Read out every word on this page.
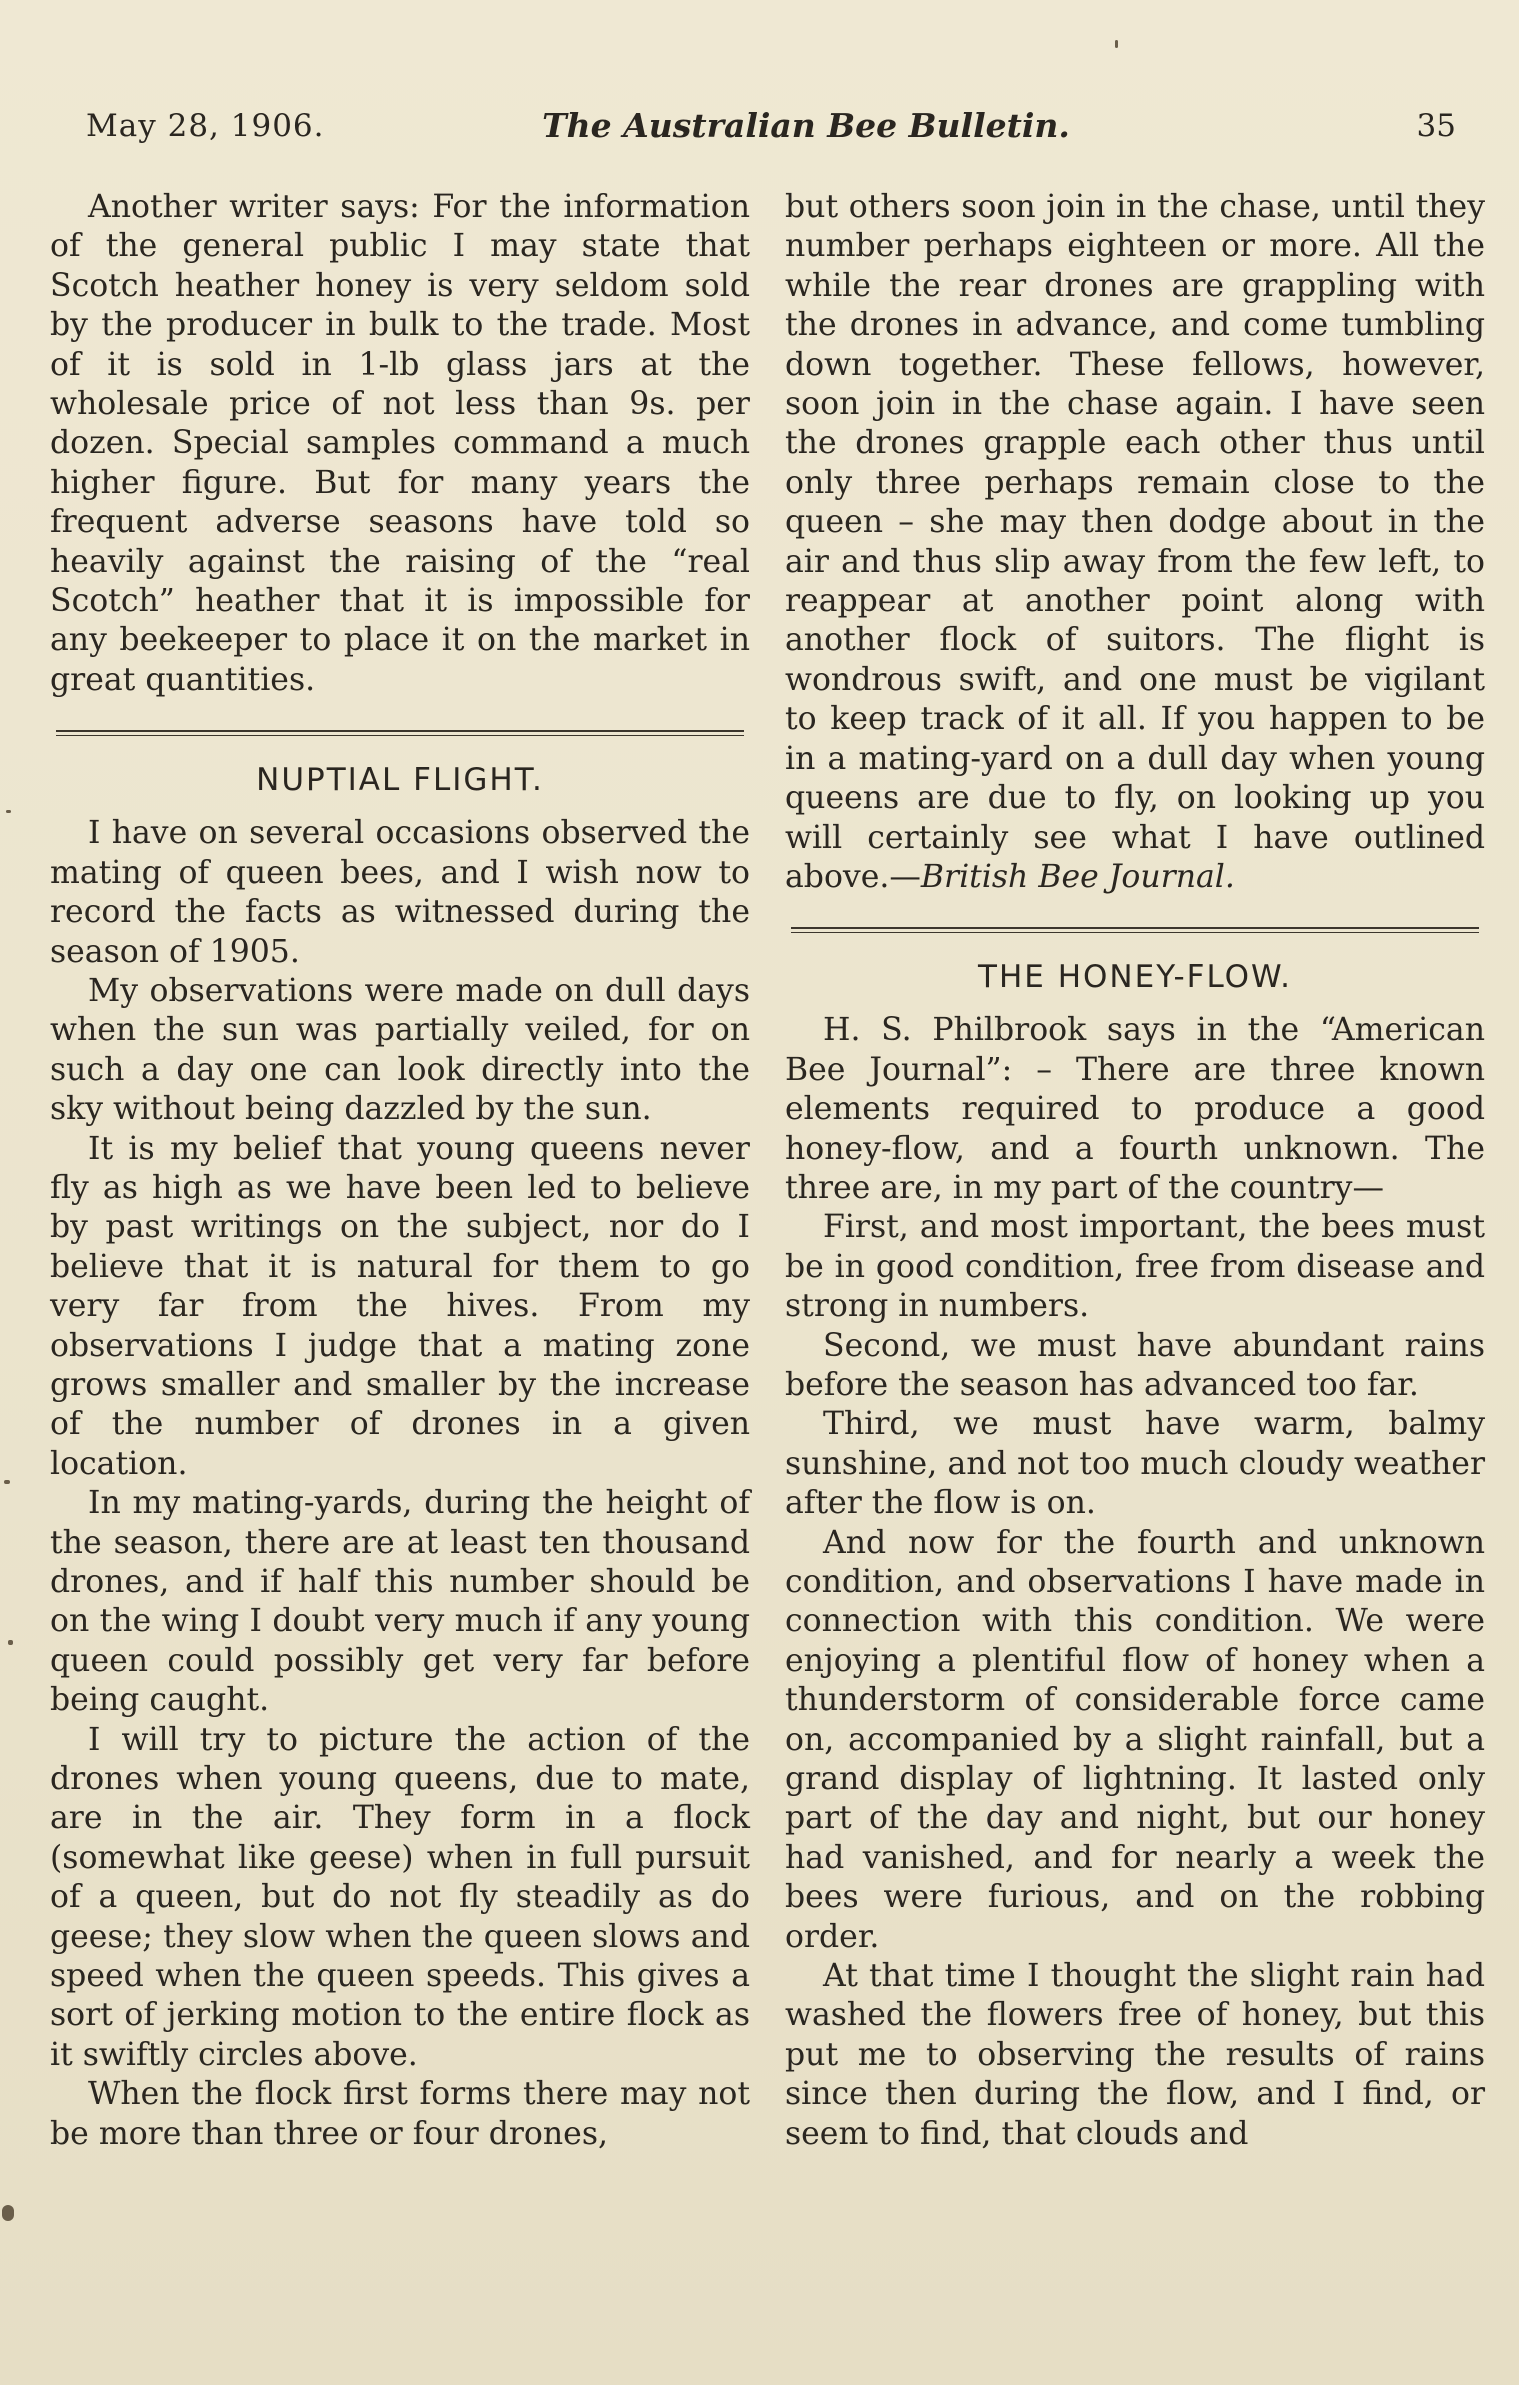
May 28, 1906.	The Australian Bee Bulletin.	35

Another writer says: For the information of the general public I may state that Scotch heather honey is very seldom sold by the producer in bulk to the trade. Most of it is sold in 1-lb glass jars at the wholesale price of not less than 9s. per dozen. Special samples command a much higher figure. But for many years the frequent adverse seasons have told so heavily against the raising of the “real Scotch” heather that it is impossible for any beekeeper to place it on the market in great quantities.

NUPTIAL FLIGHT.

I have on several occasions observed the mating of queen bees, and I wish now to record the facts as witnessed during the season of 1905.

My observations were made on dull days when the sun was partially veiled, for on such a day one can look directly into the sky without being dazzled by the sun.

It is my belief that young queens never fly as high as we have been led to believe by past writings on the subject, nor do I believe that it is natural for them to go very far from the hives. From my observations I judge that a mating zone grows smaller and smaller by the increase of the number of drones in a given location.

In my mating-yards, during the height of the season, there are at least ten thousand drones, and if half this number should be on the wing I doubt very much if any young queen could possibly get very far before being caught.

I will try to picture the action of the drones when young queens, due to mate, are in the air. They form in a flock (somewhat like geese) when in full pursuit of a queen, but do not fly steadily as do geese; they slow when the queen slows and speed when the queen speeds. This gives a sort of jerking motion to the entire flock as it swiftly circles above.

When the flock first forms there may not be more than three or four drones,

but others soon join in the chase, until they number perhaps eighteen or more. All the while the rear drones are grappling with the drones in advance, and come tumbling down together. These fellows, however, soon join in the chase again. I have seen the drones grapple each other thus until only three perhaps remain close to the queen – she may then dodge about in the air and thus slip away from the few left, to reappear at another point along with another flock of suitors. The flight is wondrous swift, and one must be vigilant to keep track of it all. If you happen to be in a mating-yard on a dull day when young queens are due to fly, on looking up you will certainly see what I have outlined above.—British Bee Journal.

THE HONEY-FLOW.

H. S. Philbrook says in the “American Bee Journal”: – There are three known elements required to produce a good honey-flow, and a fourth unknown. The three are, in my part of the country—

First, and most important, the bees must be in good condition, free from disease and strong in numbers.

Second, we must have abundant rains before the season has advanced too far.

Third, we must have warm, balmy sunshine, and not too much cloudy weather after the flow is on.

And now for the fourth and unknown condition, and observations I have made in connection with this condition. We were enjoying a plentiful flow of honey when a thunderstorm of considerable force came on, accompanied by a slight rainfall, but a grand display of lightning. It lasted only part of the day and night, but our honey had vanished, and for nearly a week the bees were furious, and on the robbing order.

At that time I thought the slight rain had washed the flowers free of honey, but this put me to observing the results of rains since then during the flow, and I find, or seem to find, that clouds and
